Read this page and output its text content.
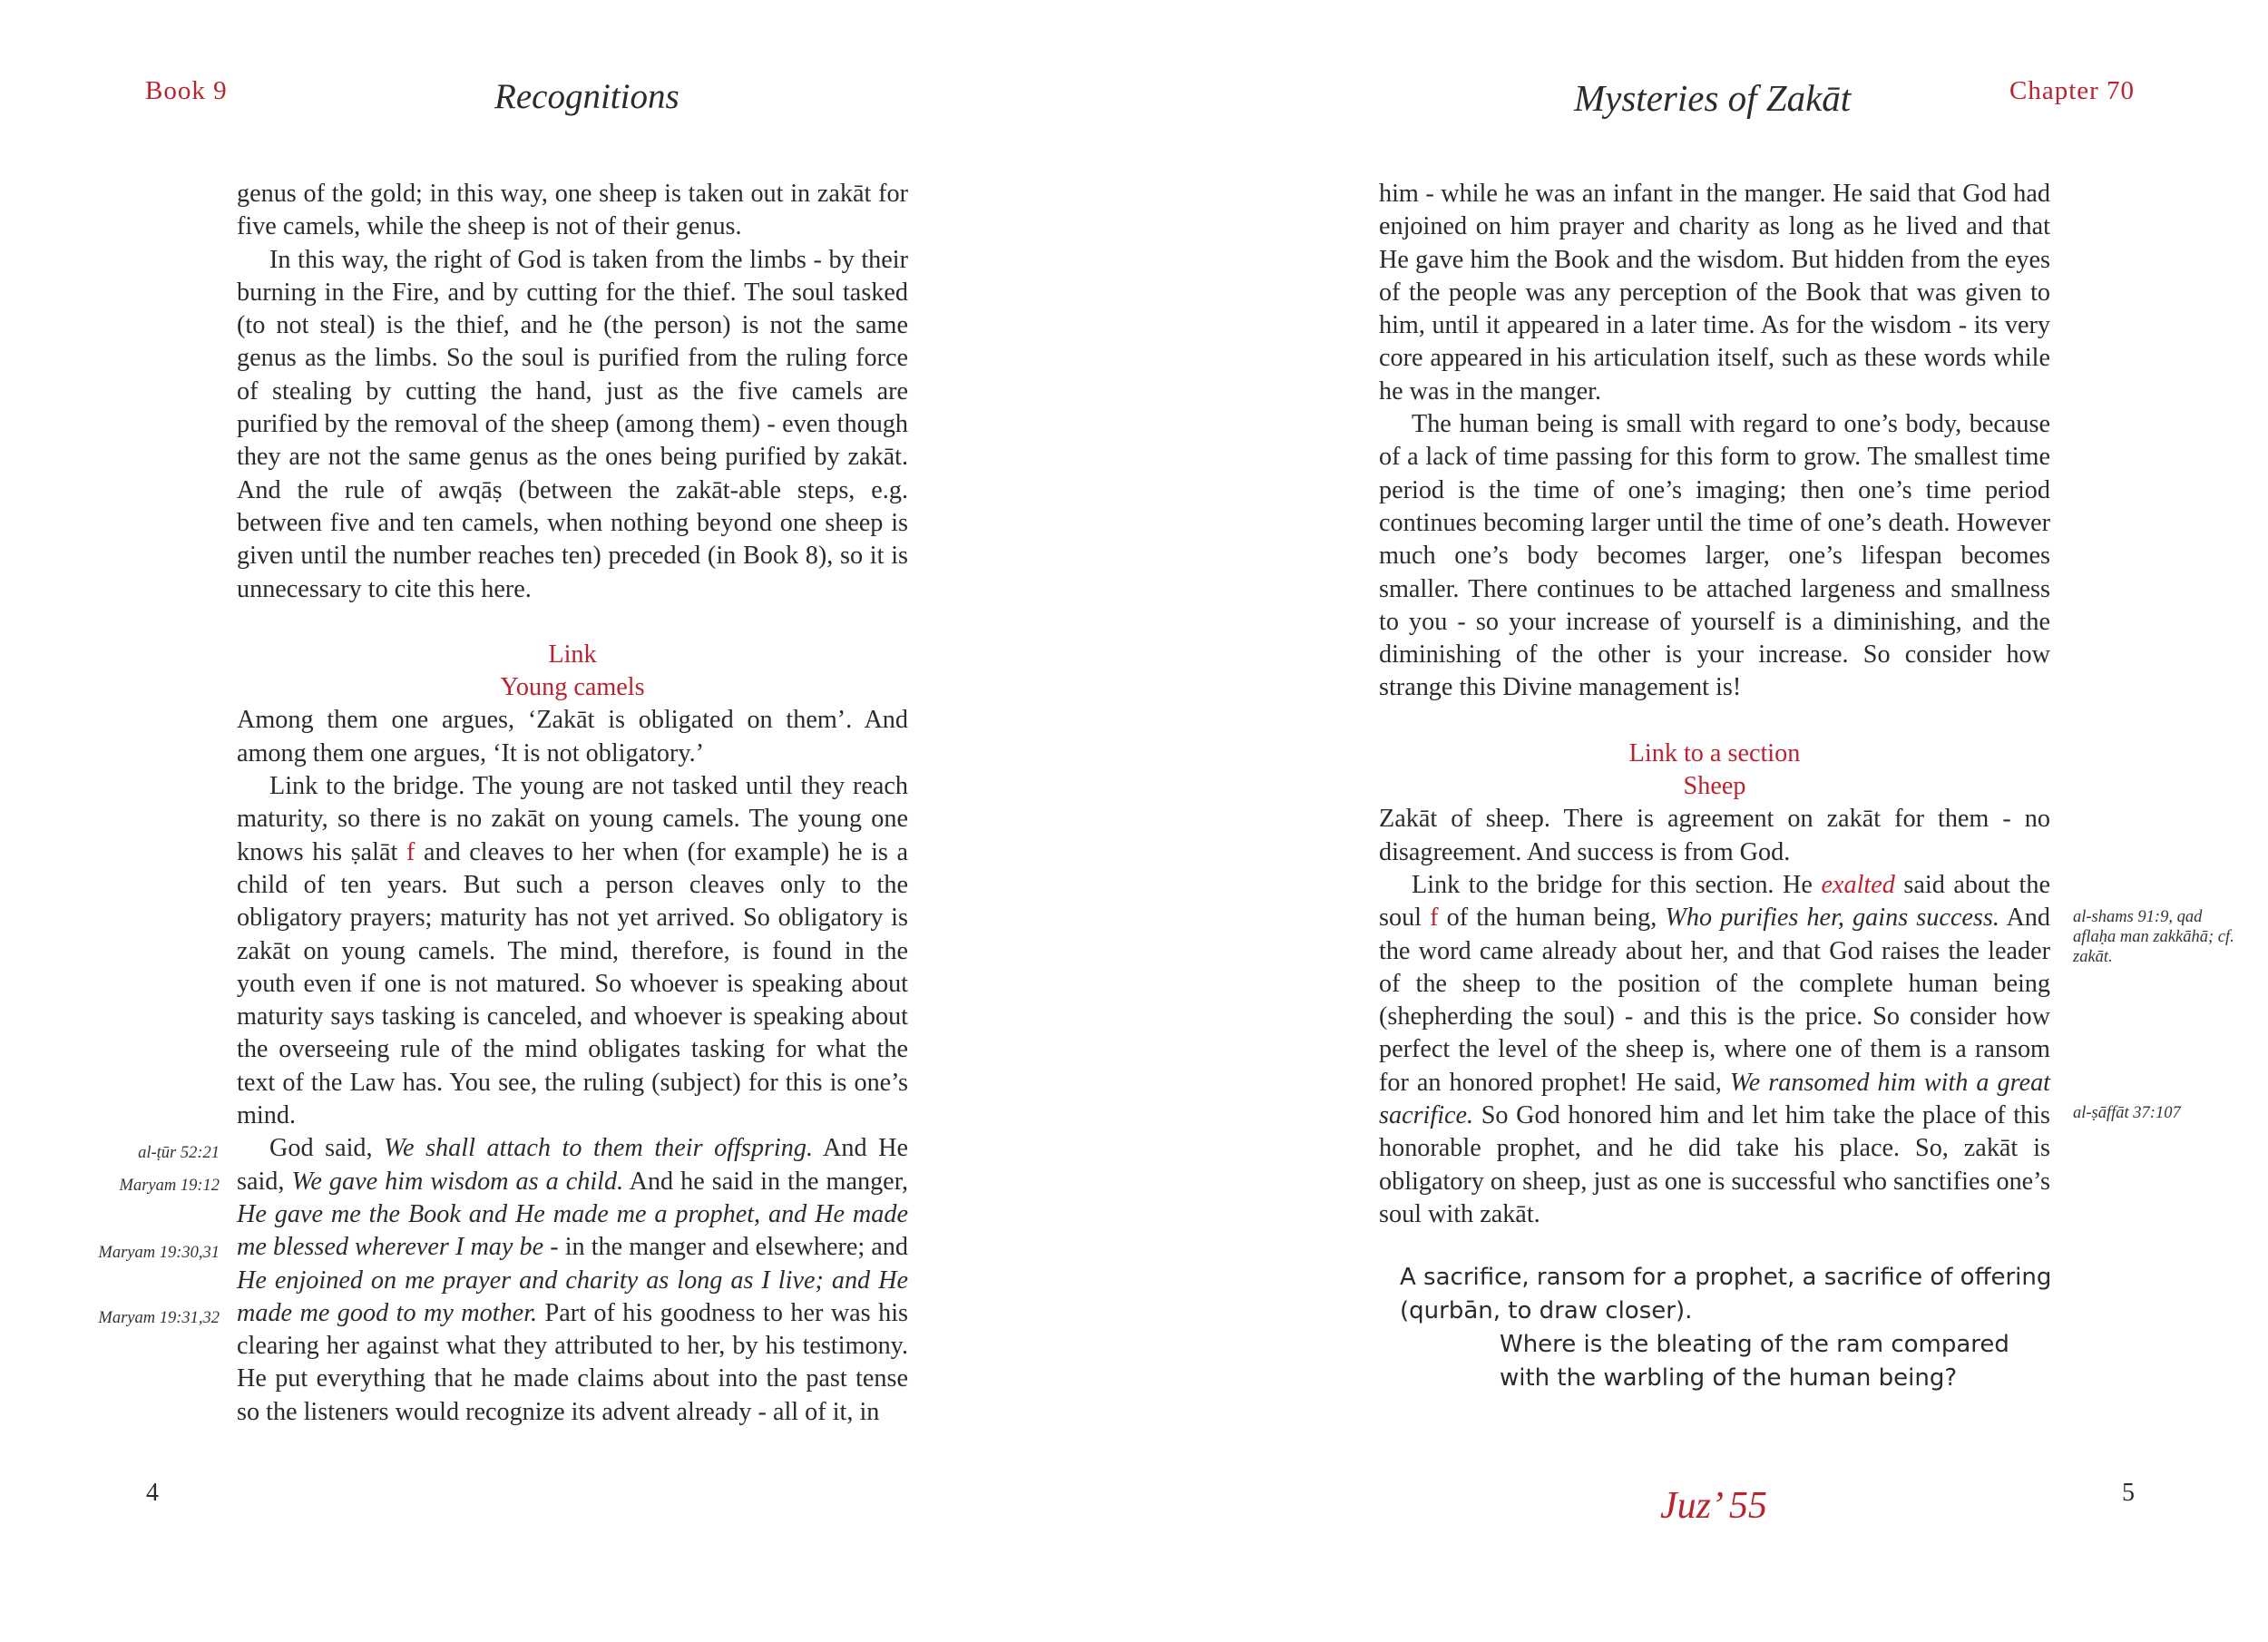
Book 9	Recognitions	Mysteries of Zakāt	Chapter 70

genus of the gold; in this way, one sheep is taken out in zakāt for five camels, while the sheep is not of their genus.

In this way, the right of God is taken from the limbs - by their burning in the Fire, and by cutting for the thief. The soul tasked (to not steal) is the thief, and he (the person) is not the same genus as the limbs. So the soul is purified from the ruling force of stealing by cutting the hand, just as the five camels are purified by the removal of the sheep (among them) - even though they are not the same genus as the ones being purified by zakāt. And the rule of awqāṣ (between the zakāt-able steps, e.g. between five and ten camels, when nothing beyond one sheep is given until the number reaches ten) preceded (in Book 8), so it is unnecessary to cite this here.

Link

Young camels

Among them one argues, ‘Zakāt is obligated on them’. And among them one argues, ‘It is not obligatory.’

Link to the bridge. The young are not tasked until they reach maturity, so there is no zakāt on young camels. The young one knows his ṣalāt f and cleaves to her when (for example) he is a child of ten years. But such a person cleaves only to the obligatory prayers; maturity has not yet arrived. So obligatory is zakāt on young camels. The mind, therefore, is found in the youth even if one is not matured. So whoever is speaking about maturity says tasking is canceled, and whoever is speaking about the overseeing rule of the mind obligates tasking for what the text of the Law has. You see, the ruling (subject) for this is one’s mind.

God said, We shall attach to them their offspring. And He said, We gave him wisdom as a child. And he said in the manger, He gave me the Book and He made me a prophet, and He made me blessed wherever I may be - in the manger and elsewhere; and He enjoined on me prayer and charity as long as I live; and He made me good to my mother. Part of his goodness to her was his clearing her against what they attributed to her, by his testimony. He put everything that he made claims about into the past tense so the listeners would recognize its advent already - all of it, in

al-ṭūr 52:21
Maryam 19:12
Maryam 19:30,31
Maryam 19:31,32

him - while he was an infant in the manger. He said that God had enjoined on him prayer and charity as long as he lived and that He gave him the Book and the wisdom. But hidden from the eyes of the people was any perception of the Book that was given to him, until it appeared in a later time. As for the wisdom - its very core appeared in his articulation itself, such as these words while he was in the manger.

The human being is small with regard to one’s body, because of a lack of time passing for this form to grow. The smallest time period is the time of one’s imaging; then one’s time period continues becoming larger until the time of one’s death. However much one’s body becomes larger, one’s lifespan becomes smaller. There continues to be attached largeness and smallness to you - so your increase of yourself is a diminishing, and the diminishing of the other is your increase. So consider how strange this Divine management is!

Link to a section

Sheep

Zakāt of sheep. There is agreement on zakāt for them - no disagreement. And success is from God.

Link to the bridge for this section. He exalted said about the soul f of the human being, Who purifies her, gains success. And the word came already about her, and that God raises the leader of the sheep to the position of the complete human being (shepherding the soul) - and this is the price. So consider how perfect the level of the sheep is, where one of them is a ransom for an honored prophet! He said, We ransomed him with a great sacrifice. So God honored him and let him take the place of this honorable prophet, and he did take his place. So, zakāt is obligatory on sheep, just as one is successful who sanctifies one’s soul with zakāt.

al-shams 91:9, qad aflaḥa man zakkāhā; cf. zakāt.
al-ṣāffāt 37:107

A sacrifice, ransom for a prophet, a sacrifice of offering

(qurbān, to draw closer).

Where is the bleating of the ram compared

with the warbling of the human being?

4	Juz’ 55	5
